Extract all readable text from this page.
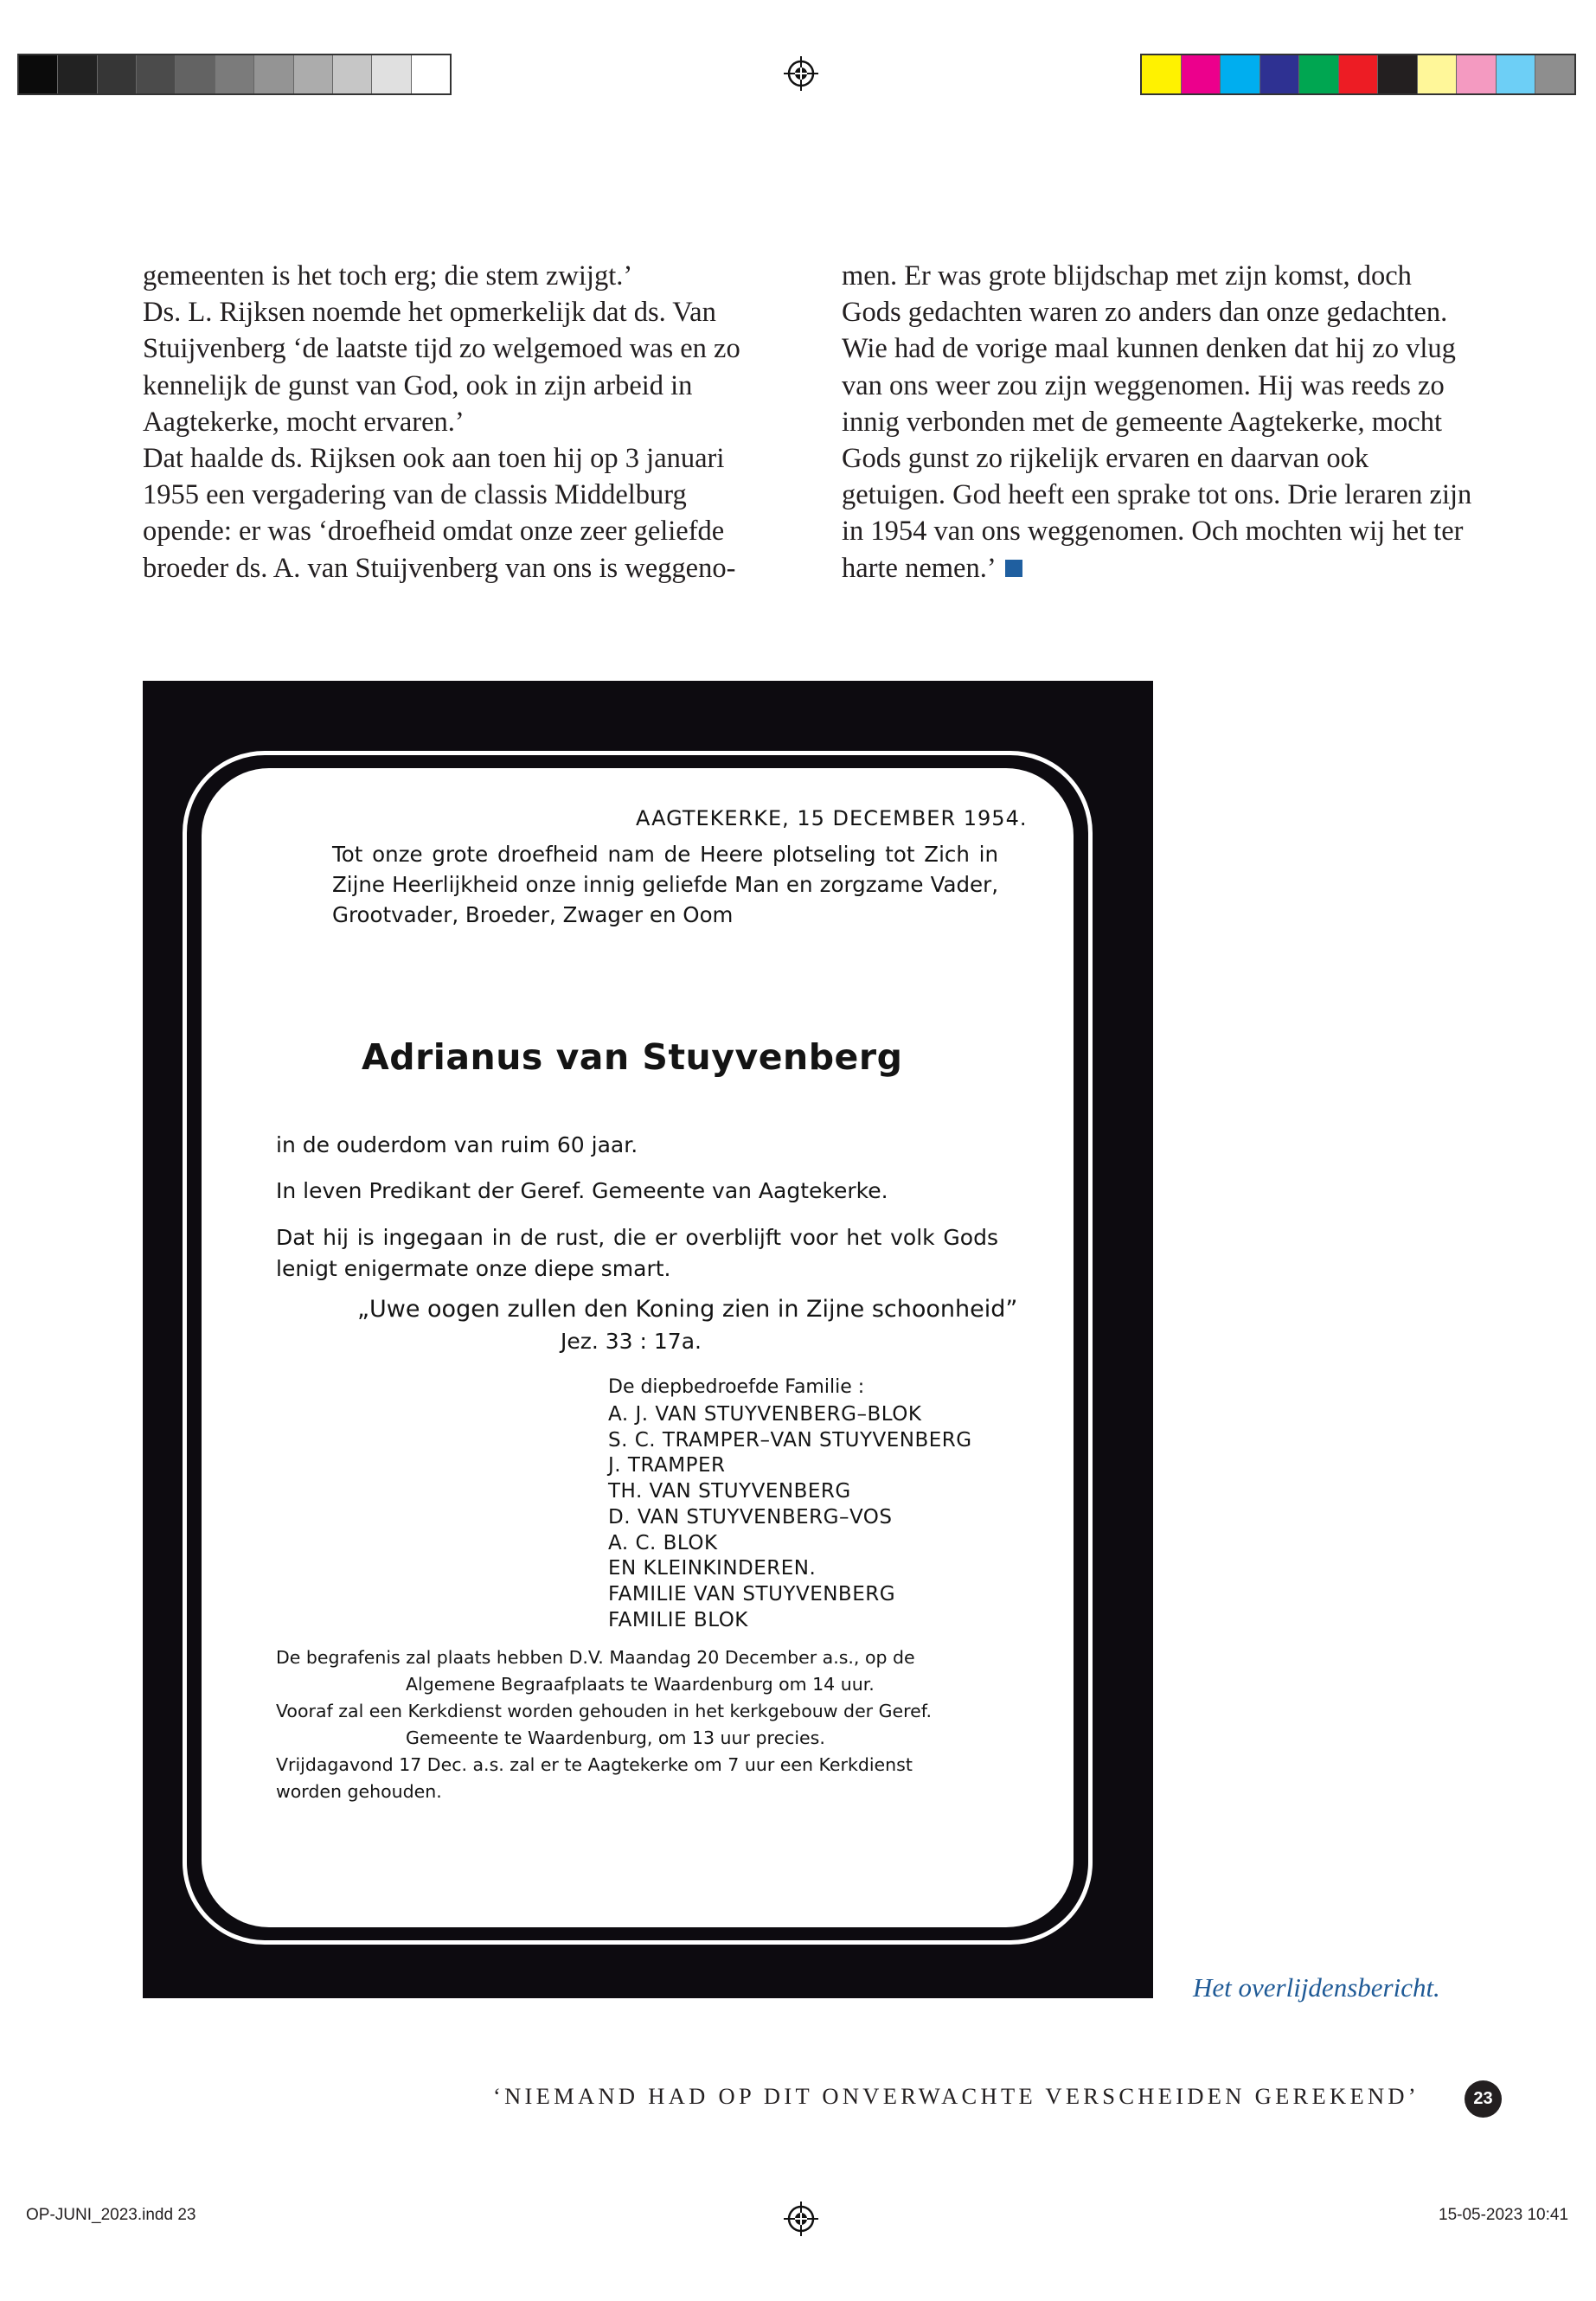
gemeenten is het toch erg; die stem zwijgt.’

Ds. L. Rijksen noemde het opmerkelijk dat ds. Van Stuijvenberg ‘de laatste tijd zo welgemoed was en zo kennelijk de gunst van God, ook in zijn arbeid in Aagtekerke, mocht ervaren.’

Dat haalde ds. Rijksen ook aan toen hij op 3 januari 1955 een vergadering van de classis Middelburg opende: er was ‘droefheid omdat onze zeer geliefde broeder ds. A. van Stuijvenberg van ons is weggeno-

men. Er was grote blijdschap met zijn komst, doch Gods gedachten waren zo anders dan onze gedachten. Wie had de vorige maal kunnen denken dat hij zo vlug van ons weer zou zijn weggenomen. Hij was reeds zo innig verbonden met de gemeente Aagtekerke, mocht Gods gunst zo rijkelijk ervaren en daarvan ook getuigen. God heeft een sprake tot ons. Drie leraren zijn in 1954 van ons weggenomen. Och mochten wij het ter harte nemen.’

AAGTEKERKE, 15 DECEMBER 1954.
Tot onze grote droefheid nam de Heere plotseling tot Zich in Zijne Heerlijkheid onze innig geliefde Man en zorgzame Vader, Grootvader, Broeder, Zwager en Oom
Adrianus van Stuyvenberg
in de ouderdom van ruim 60 jaar.
In leven Predikant der Geref. Gemeente van Aagtekerke.
Dat hij is ingegaan in de rust, die er overblijft voor het volk Gods lenigt enigermate onze diepe smart.
„Uwe oogen zullen den Koning zien in Zijne schoonheid”
Jez. 33 : 17a.
De diepbedroefde Familie :
A. J. VAN STUYVENBERG–BLOK
S. C. TRAMPER–VAN STUYVENBERG
J. TRAMPER
TH. VAN STUYVENBERG
D. VAN STUYVENBERG–VOS
A. C. BLOK
EN KLEINKINDEREN.
FAMILIE VAN STUYVENBERG
FAMILIE BLOK

De begrafenis zal plaats hebben D.V. Maandag 20 December a.s., op de

Algemene Begraafplaats te Waardenburg om 14 uur.

Vooraf zal een Kerkdienst worden gehouden in het kerkgebouw der Geref.

Gemeente te Waardenburg, om 13 uur precies.

Vrijdagavond 17 Dec. a.s. zal er te Aagtekerke om 7 uur een Kerkdienst

worden gehouden.

Het overlijdensbericht.
‘NIEMAND HAD OP DIT ONVERWACHTE VERSCHEIDEN GEREKEND’	23
OP-JUNI_2023.indd 23	15-05-2023 10:41
